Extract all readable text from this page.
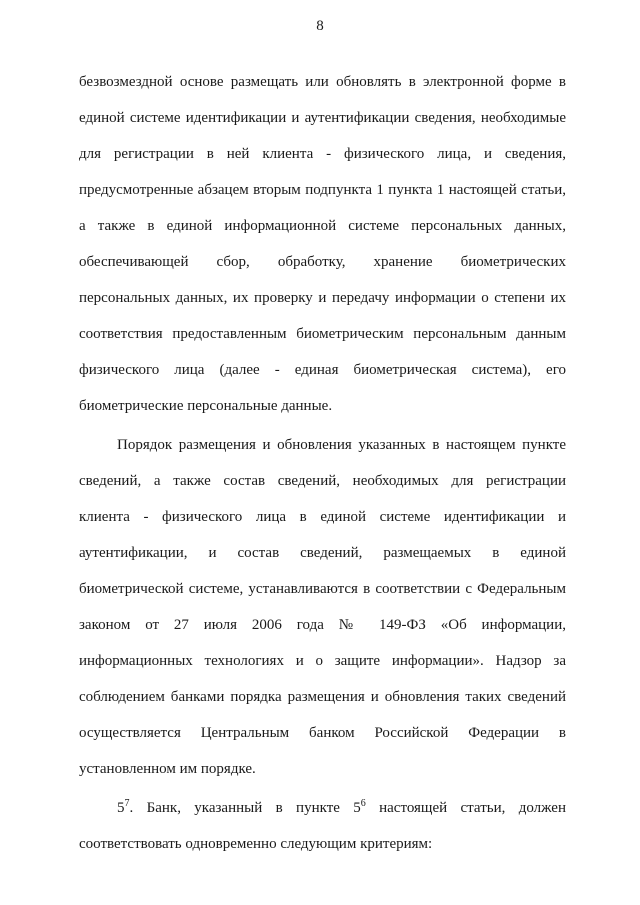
8
безвозмездной основе размещать или обновлять в электронной форме в
единой системе идентификации и аутентификации сведения, необходимые
для регистрации в ней клиента - физического лица, и сведения,
предусмотренные абзацем вторым подпункта 1 пункта 1 настоящей статьи,
а также в единой информационной системе персональных данных,
обеспечивающей сбор, обработку, хранение биометрических
персональных данных, их проверку и передачу информации о степени их
соответствия предоставленным биометрическим персональным данным
физического лица (далее - единая биометрическая система), его
биометрические персональные данные.
Порядок размещения и обновления указанных в настоящем пункте
сведений, а также состав сведений, необходимых для регистрации
клиента - физического лица в единой системе идентификации и
аутентификации, и состав сведений, размещаемых в единой
биометрической системе, устанавливаются в соответствии с Федеральным
законом от 27 июля 2006 года № 149-ФЗ «Об информации,
информационных технологиях и о защите информации». Надзор за
соблюдением банками порядка размещения и обновления таких сведений
осуществляется Центральным банком Российской Федерации в
установленном им порядке.
$5^7$. Банк, указанный в пункте $5^6$ настоящей статьи, должен
соответствовать одновременно следующим критериям:
